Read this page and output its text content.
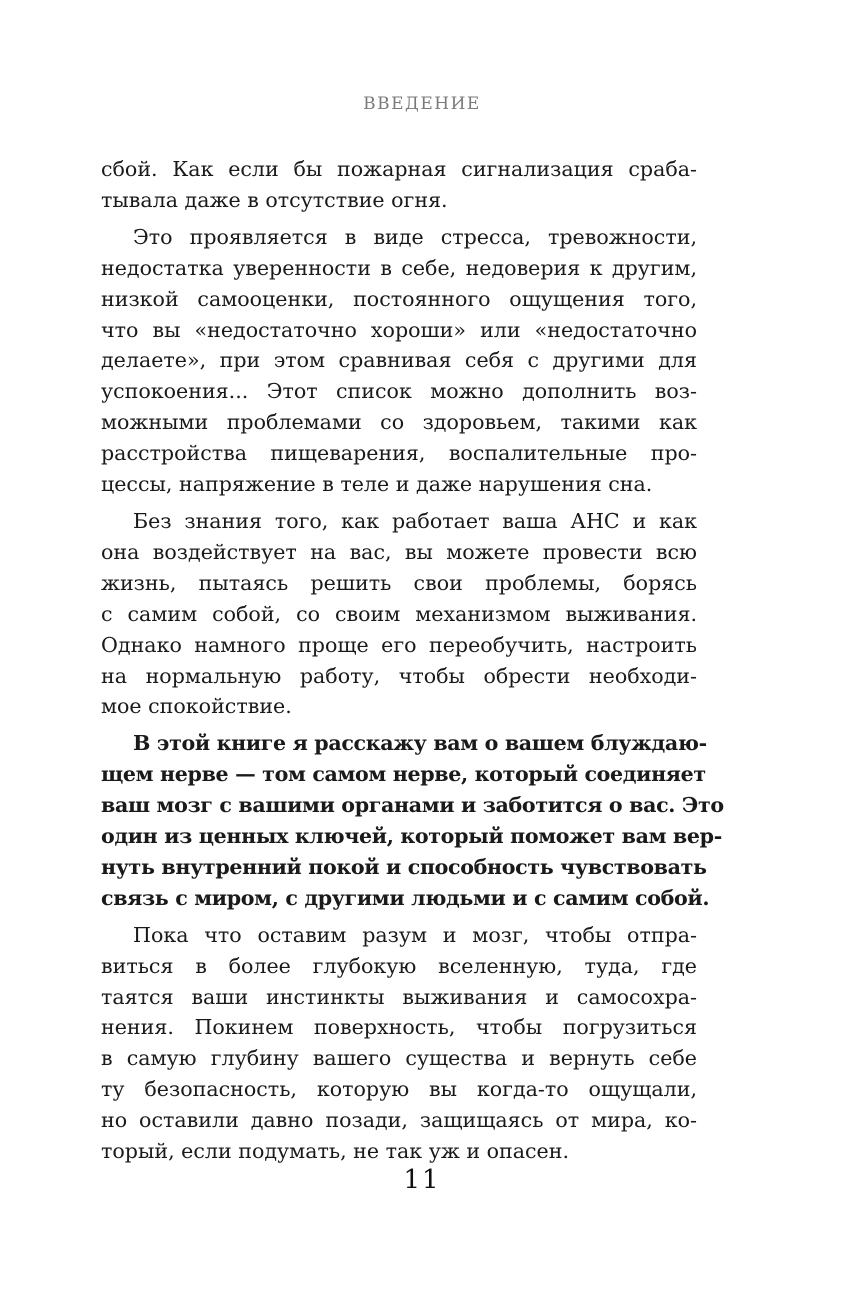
ВВЕДЕНИЕ
сбой. Как если бы пожарная сигнализация сраба-
тывала даже в отсутствие огня.
Это проявляется в виде стресса, тревожности,
недостатка уверенности в себе, недоверия к другим,
низкой самооценки, постоянного ощущения того,
что вы «недостаточно хороши» или «недостаточно
делаете», при этом сравнивая себя с другими для
успокоения... Этот список можно дополнить воз-
можными проблемами со здоровьем, такими как
расстройства пищеварения, воспалительные про-
цессы, напряжение в теле и даже нарушения сна.
Без знания того, как работает ваша АНС и как
она воздействует на вас, вы можете провести всю
жизнь, пытаясь решить свои проблемы, борясь
с самим собой, со своим механизмом выживания.
Однако намного проще его переобучить, настроить
на нормальную работу, чтобы обрести необходи-
мое спокойствие.
В этой книге я расскажу вам о вашем блуждаю-
щем нерве — том самом нерве, который соединяет
ваш мозг с вашими органами и заботится о вас. Это
один из ценных ключей, который поможет вам вер-
нуть внутренний покой и способность чувствовать
связь с миром, с другими людьми и с самим собой.
Пока что оставим разум и мозг, чтобы отпра-
виться в более глубокую вселенную, туда, где
таятся ваши инстинкты выживания и самосохра-
нения. Покинем поверхность, чтобы погрузиться
в самую глубину вашего существа и вернуть себе
ту безопасность, которую вы когда-то ощущали,
но оставили давно позади, защищаясь от мира, ко-
торый, если подумать, не так уж и опасен.
11
